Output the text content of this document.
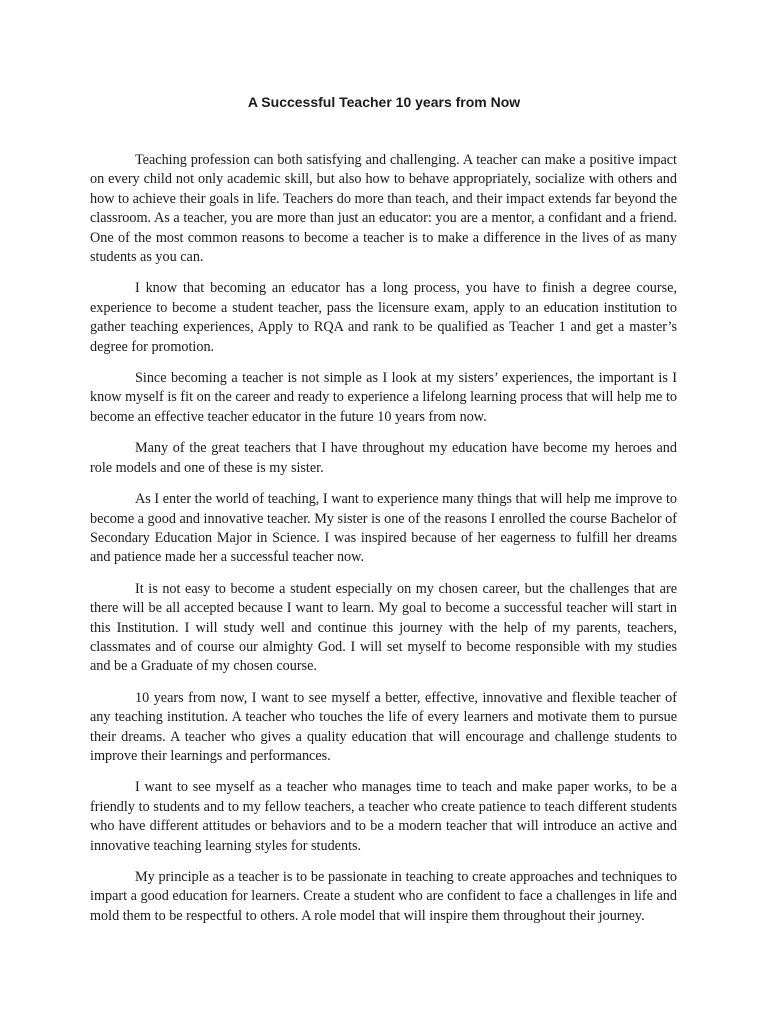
A Successful Teacher 10 years from Now

Teaching profession can both satisfying and challenging. A teacher can make a positive impact on every child not only academic skill, but also how to behave appropriately, socialize with others and how to achieve their goals in life. Teachers do more than teach, and their impact extends far beyond the classroom. As a teacher, you are more than just an educator: you are a mentor, a confidant and a friend. One of the most common reasons to become a teacher is to make a difference in the lives of as many students as you can.

I know that becoming an educator has a long process, you have to finish a degree course, experience to become a student teacher, pass the licensure exam, apply to an education institution to gather teaching experiences, Apply to RQA and rank to be qualified as Teacher 1 and get a master’s degree for promotion.

Since becoming a teacher is not simple as I look at my sisters’ experiences, the important is I know myself is fit on the career and ready to experience a lifelong learning process that will help me to become an effective teacher educator in the future 10 years from now.

Many of the great teachers that I have throughout my education have become my heroes and role models and one of these is my sister.

As I enter the world of teaching, I want to experience many things that will help me improve to become a good and innovative teacher. My sister is one of the reasons I enrolled the course Bachelor of Secondary Education Major in Science. I was inspired because of her eagerness to fulfill her dreams and patience made her a successful teacher now.

It is not easy to become a student especially on my chosen career, but the challenges that are there will be all accepted because I want to learn. My goal to become a successful teacher will start in this Institution. I will study well and continue this journey with the help of my parents, teachers, classmates and of course our almighty God. I will set myself to become responsible with my studies and be a Graduate of my chosen course.

10 years from now, I want to see myself a better, effective, innovative and flexible teacher of any teaching institution. A teacher who touches the life of every learners and motivate them to pursue their dreams. A teacher who gives a quality education that will encourage and challenge students to improve their learnings and performances.

I want to see myself as a teacher who manages time to teach and make paper works, to be a friendly to students and to my fellow teachers, a teacher who create patience to teach different students who have different attitudes or behaviors and to be a modern teacher that will introduce an active and innovative teaching learning styles for students.

My principle as a teacher is to be passionate in teaching to create approaches and techniques to impart a good education for learners. Create a student who are confident to face a challenges in life and mold them to be respectful to others. A role model that will inspire them throughout their journey.
